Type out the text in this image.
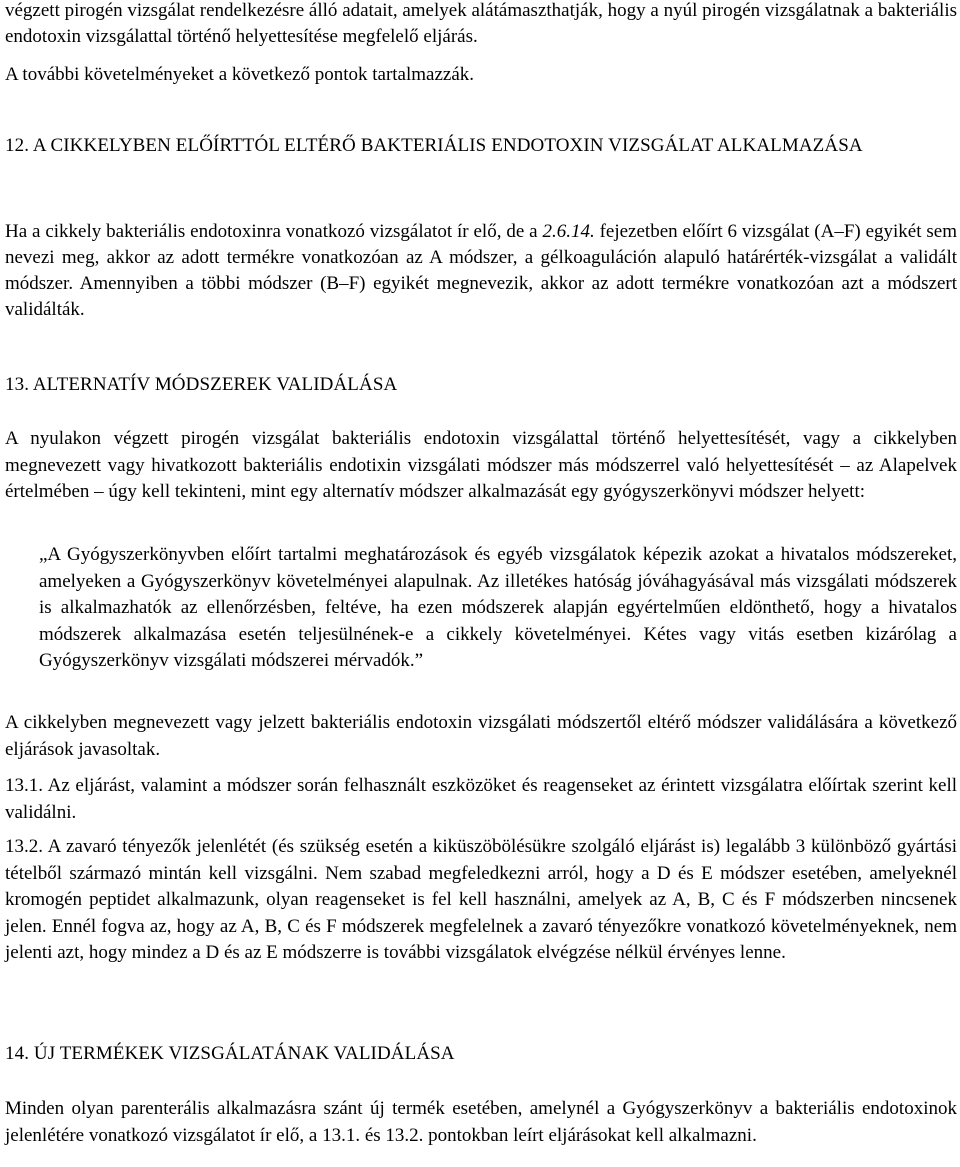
végzett pirogén vizsgálat rendelkezésre álló adatait, amelyek alátámaszthatják, hogy a nyúl pirogén vizsgálatnak a bakteriális endotoxin vizsgálattal történő helyettesítése megfelelő eljárás.

A további követelményeket a következő pontok tartalmazzák.

12. A CIKKELYBEN ELŐÍRTTÓL ELTÉRŐ BAKTERIÁLIS ENDOTOXIN VIZSGÁLAT ALKALMAZÁSA

Ha a cikkely bakteriális endotoxinra vonatkozó vizsgálatot ír elő, de a 2.6.14. fejezetben előírt 6 vizsgálat (A–F) egyikét sem nevezi meg, akkor az adott termékre vonatkozóan az A módszer, a gélkoaguláción alapuló határérték-vizsgálat a validált módszer. Amennyiben a többi módszer (B–F) egyikét megnevezik, akkor az adott termékre vonatkozóan azt a módszert validálták.

13. ALTERNATÍV MÓDSZEREK VALIDÁLÁSA

A nyulakon végzett pirogén vizsgálat bakteriális endotoxin vizsgálattal történő helyettesítését, vagy a cikkelyben megnevezett vagy hivatkozott bakteriális endotixin vizsgálati módszer más módszerrel való helyettesítését – az Alapelvek értelmében – úgy kell tekinteni, mint egy alternatív módszer alkalmazását egy gyógyszerkönyvi módszer helyett:

„A Gyógyszerkönyvben előírt tartalmi meghatározások és egyéb vizsgálatok képezik azokat a hivatalos módszereket, amelyeken a Gyógyszerkönyv követelményei alapulnak. Az illetékes hatóság jóváhagyásával más vizsgálati módszerek is alkalmazhatók az ellenőrzésben, feltéve, ha ezen módszerek alapján egyértelműen eldönthető, hogy a hivatalos módszerek alkalmazása esetén teljesülnének-e a cikkely követelményei. Kétes vagy vitás esetben kizárólag a Gyógyszerkönyv vizsgálati módszerei mérvadók.”

A cikkelyben megnevezett vagy jelzett bakteriális endotoxin vizsgálati módszertől eltérő módszer validálására a következő eljárások javasoltak.

13.1. Az eljárást, valamint a módszer során felhasznált eszközöket és reagenseket az érintett vizsgálatra előírtak szerint kell validálni.

13.2. A zavaró tényezők jelenlétét (és szükség esetén a kiküszöbölésükre szolgáló eljárást is) legalább 3 különböző gyártási tételből származó mintán kell vizsgálni. Nem szabad megfeledkezni arról, hogy a D és E módszer esetében, amelyeknél kromogén peptidet alkalmazunk, olyan reagenseket is fel kell használni, amelyek az A, B, C és F módszerben nincsenek jelen. Ennél fogva az, hogy az A, B, C és F módszerek megfelelnek a zavaró tényezőkre vonatkozó követelményeknek, nem jelenti azt, hogy mindez a D és az E módszerre is további vizsgálatok elvégzése nélkül érvényes lenne.

14. ÚJ TERMÉKEK VIZSGÁLATÁNAK VALIDÁLÁSA

Minden olyan parenterális alkalmazásra szánt új termék esetében, amelynél a Gyógyszerkönyv a bakteriális endotoxinok jelenlétére vonatkozó vizsgálatot ír elő, a 13.1. és 13.2. pontokban leírt eljárásokat kell alkalmazni.
